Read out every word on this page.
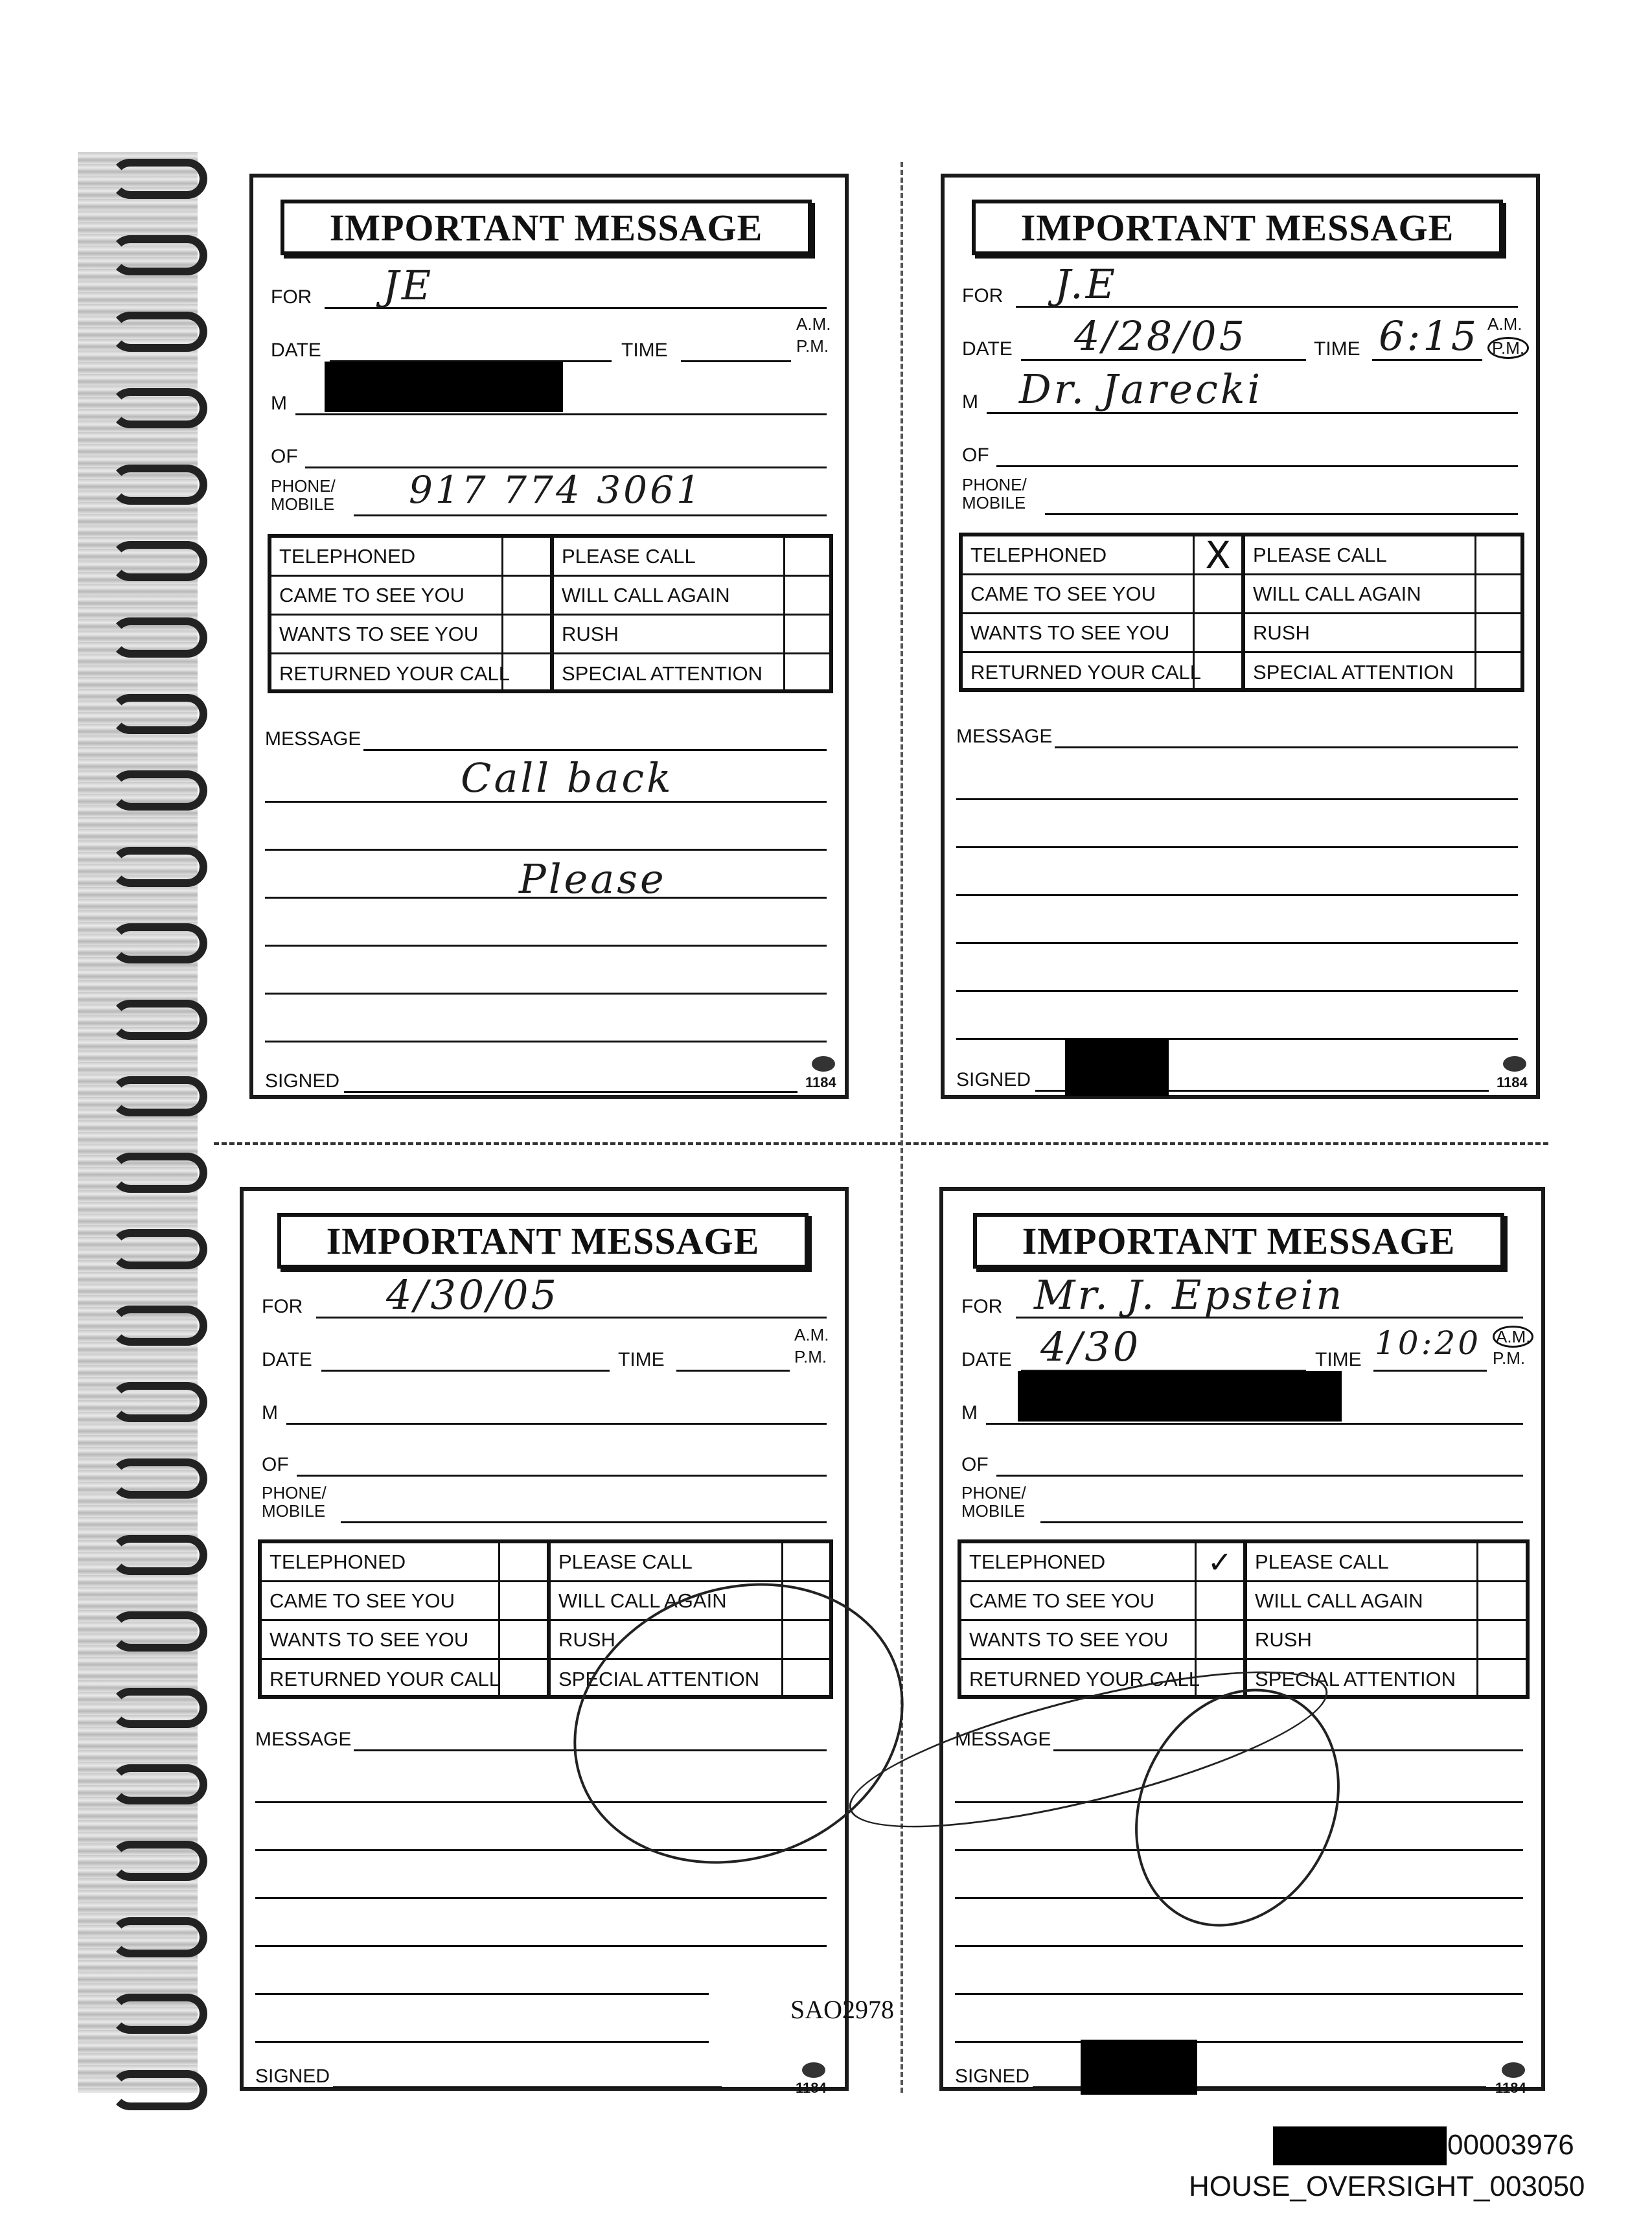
IMPORTANT MESSAGE
FOR JE
A.M.
DATE	TIME	P.M.
M
OF
PHONE/
MOBILE 917 774 3061
TELEPHONED	PLEASE CALL
CAME TO SEE YOU	WILL CALL AGAIN
WANTS TO SEE YOU	RUSH
RETURNED YOUR CALL	SPECIAL ATTENTION
MESSAGE
Call back
Please
SIGNED	1184
IMPORTANT MESSAGE
FOR J.E
A.M.
DATE 4/28/05	TIME 6:15 P.M.
M Dr. Jarecki
OF
PHONE/
MOBILE
TELEPHONED	X	PLEASE CALL
CAME TO SEE YOU	WILL CALL AGAIN
WANTS TO SEE YOU	RUSH
RETURNED YOUR CALL	SPECIAL ATTENTION
MESSAGE
SIGNED	1184
IMPORTANT MESSAGE
FOR 4/30/05
A.M.
DATE	TIME	P.M.
M
OF
PHONE/
MOBILE
TELEPHONED	PLEASE CALL
CAME TO SEE YOU	WILL CALL AGAIN
WANTS TO SEE YOU	RUSH
RETURNED YOUR CALL	SPECIAL ATTENTION
MESSAGE
SIGNED
1184
IMPORTANT MESSAGE
FOR Mr. J. Epstein
A.M.
DATE 4/30	TIME 10:20 P.M.
M
OF
PHONE/
MOBILE
TELEPHONED	✓	PLEASE CALL
CAME TO SEE YOU	WILL CALL AGAIN
WANTS TO SEE YOU	RUSH
RETURNED YOUR CALL	SPECIAL ATTENTION
MESSAGE
SIGNED
1184
SAO2978
00003976
HOUSE_OVERSIGHT_003050
